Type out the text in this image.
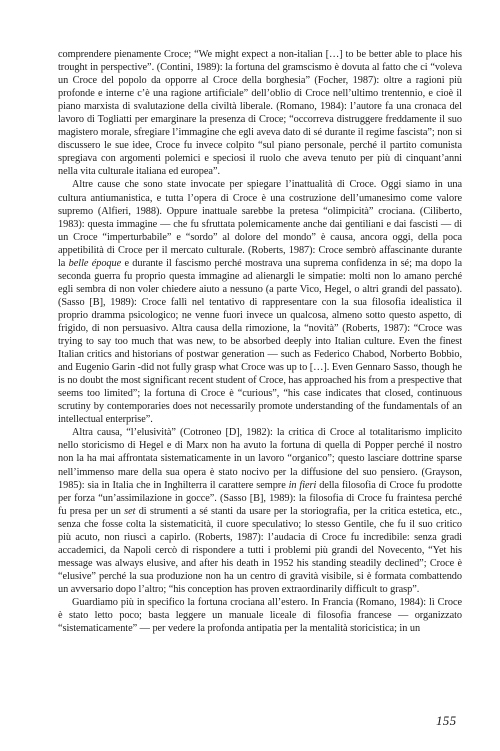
comprendere pienamente Croce; “We might expect a non-italian […] to be better able to place his trought in perspective”. (Contini, 1989): la fortuna del gramscismo è dovuta al fatto che ci “voleva un Croce del popolo da opporre al Croce della borghesia” (Focher, 1987): oltre a ragioni più profonde e interne c’è una ragione artificiale” dell’oblio di Croce nell’ultimo trentennio, e cioè il piano marxista di svalutazione della civiltà liberale. (Romano, 1984): l’autore fa una cronaca del lavoro di Togliatti per emarginare la presenza di Croce; “occorreva distruggere freddamente il suo magistero morale, sfregiare l’immagine che egli aveva dato di sé durante il regime fascista”; non si discussero le sue idee, Croce fu invece colpito “sul piano personale, perché il partito comunista spregiava con argomenti polemici e speciosi il ruolo che aveva tenuto per più di cinquant’anni nella vita culturale italiana ed europea”.

Altre cause che sono state invocate per spiegare l’inattualità di Croce. Oggi siamo in una cultura antiumanistica, e tutta l’opera di Croce è una costruzione dell’umanesimo come valore supremo (Alfieri, 1988). Oppure inattuale sarebbe la pretesa “olimpicità” crociana. (Ciliberto, 1983): questa immagine — che fu sfruttata polemicamente anche dai gentiliani e dai fascisti — di un Croce “imperturbabile” e “sordo” al dolore del mondo” è causa, ancora oggi, della poca appetibilità di Croce per il mercato culturale. (Roberts, 1987): Croce sembrò affascinante durante la belle époque e durante il fascismo perché mostrava una suprema confidenza in sé; ma dopo la seconda guerra fu proprio questa immagine ad alienargli le simpatie: molti non lo amano perché egli sembra di non voler chiedere aiuto a nessuno (a parte Vico, Hegel, o altri grandi del passato). (Sasso [B], 1989): Croce fallì nel tentativo di rappresentare con la sua filosofia idealistica il proprio dramma psicologico; ne venne fuori invece un qualcosa, almeno sotto questo aspetto, di frigido, di non persuasivo. Altra causa della rimozione, la “novità” (Roberts, 1987): “Croce was trying to say too much that was new, to be absorbed deeply into Italian culture. Even the finest Italian critics and historians of postwar generation — such as Federico Chabod, Norberto Bobbio, and Eugenio Garin -did not fully grasp what Croce was up to […]. Even Gennaro Sasso, though he is no doubt the most significant recent student of Croce, has approached his from a prespective that seems too limited”; la fortuna di Croce è “curious”, “his case indicates that closed, continuous scrutiny by contemporaries does not necessarily promote understanding of the fundamentals of an intellectual enterprise”.

Altra causa, “l’elusività” (Cotroneo [D], 1982): la critica di Croce al totalitarismo implicito nello storicismo di Hegel e di Marx non ha avuto la fortuna di quella di Popper perché il nostro non la ha mai affrontata sistematicamente in un lavoro “organico”; questo lasciare dottrine sparse nell’immenso mare della sua opera è stato nocivo per la diffusione del suo pensiero. (Grayson, 1985): sia in Italia che in Inghilterra il carattere sempre in fieri della filosofia di Croce fu prodotte per forza “un’assimilazione in gocce”. (Sasso [B], 1989): la filosofia di Croce fu fraintesa perché fu presa per un set di strumenti a sé stanti da usare per la storiografia, per la critica estetica, etc., senza che fosse colta la sistematicità, il cuore speculativo; lo stesso Gentile, che fu il suo critico più acuto, non riuscì a capirlo. (Roberts, 1987): l’audacia di Croce fu incredibile: senza gradi accademici, da Napoli cercò di rispondere a tutti i problemi più grandi del Novecento, “Yet his message was always elusive, and after his death in 1952 his standing steadily declined”; Croce è “elusive” perché la sua produzione non ha un centro di gravità visibile, si è formata combattendo un avversario dopo l’altro; “his conception has proven extraordinarily difficult to grasp”.

Guardiamo più in specifico la fortuna crociana all’estero. In Francia (Romano, 1984): lì Croce è stato letto poco; basta leggere un manuale liceale di filosofia francese — organizzato “sistematicamente” — per vedere la profonda antipatia per la mentalità storicistica; in un

155
